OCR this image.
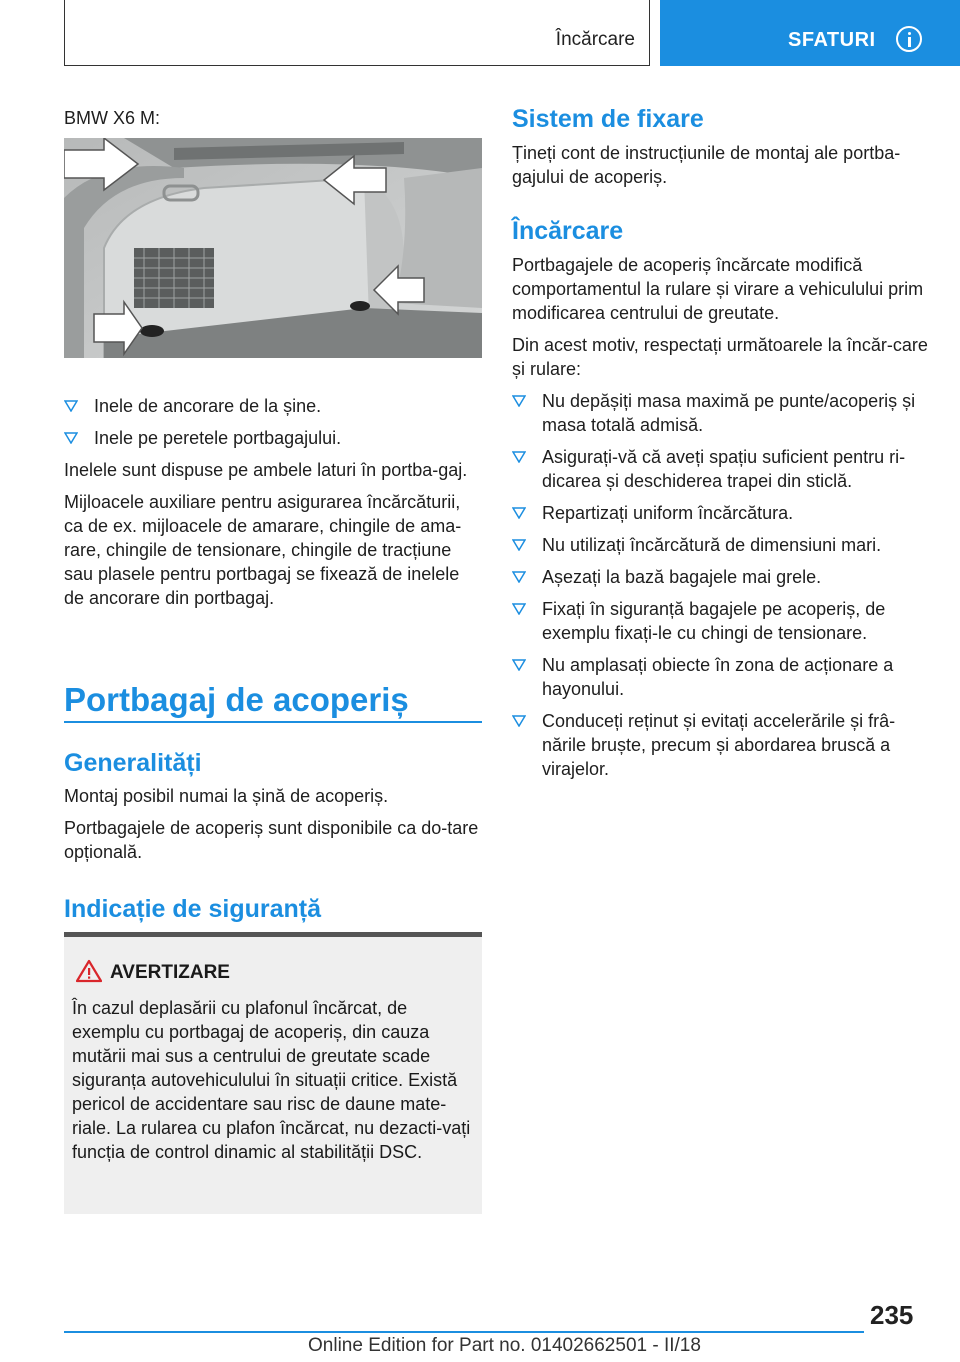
Încărcare	SFATURI
BMW X6 M:
Inele de ancorare de la șine.
Inele pe peretele portbagajului.
Inelele sunt dispuse pe ambele laturi în portba-gaj.
Mijloacele auxiliare pentru asigurarea încărcăturii, ca de ex. mijloacele de amarare, chingile de ama-rare, chingile de tensionare, chingile de tracțiune sau plasele pentru portbagaj se fixează de inelele de ancorare din portbagaj.
Portbagaj de acoperiș
Generalități
Montaj posibil numai la șină de acoperiș.
Portbagajele de acoperiș sunt disponibile ca do-tare opțională.
Indicație de siguranță
AVERTIZARE
În cazul deplasării cu plafonul încărcat, de exemplu cu portbagaj de acoperiș, din cauza mutării mai sus a centrului de greutate scade siguranța autovehiculului în situații critice. Există pericol de accidentare sau risc de daune mate-riale. La rularea cu plafon încărcat, nu dezacti-vați funcția de control dinamic al stabilității DSC.
Sistem de fixare
Țineți cont de instrucțiunile de montaj ale portba-gajului de acoperiș.
Încărcare
Portbagajele de acoperiș încărcate modifică comportamentul la rulare și virare a vehiculului prim modificarea centrului de greutate.
Din acest motiv, respectați următoarele la încăr-care și rulare:
Nu depășiți masa maximă pe punte/acoperiș și masa totală admisă.
Asigurați-vă că aveți spațiu suficient pentru ri-dicarea și deschiderea trapei din sticlă.
Repartizați uniform încărcătura.
Nu utilizați încărcătură de dimensiuni mari.
Așezați la bază bagajele mai grele.
Fixați în siguranță bagajele pe acoperiș, de exemplu fixați-le cu chingi de tensionare.
Nu amplasați obiecte în zona de acționare a hayonului.
Conduceți reținut și evitați accelerările și frâ-nările bruște, precum și abordarea bruscă a virajelor.
235
Online Edition for Part no. 01402662501 - II/18
